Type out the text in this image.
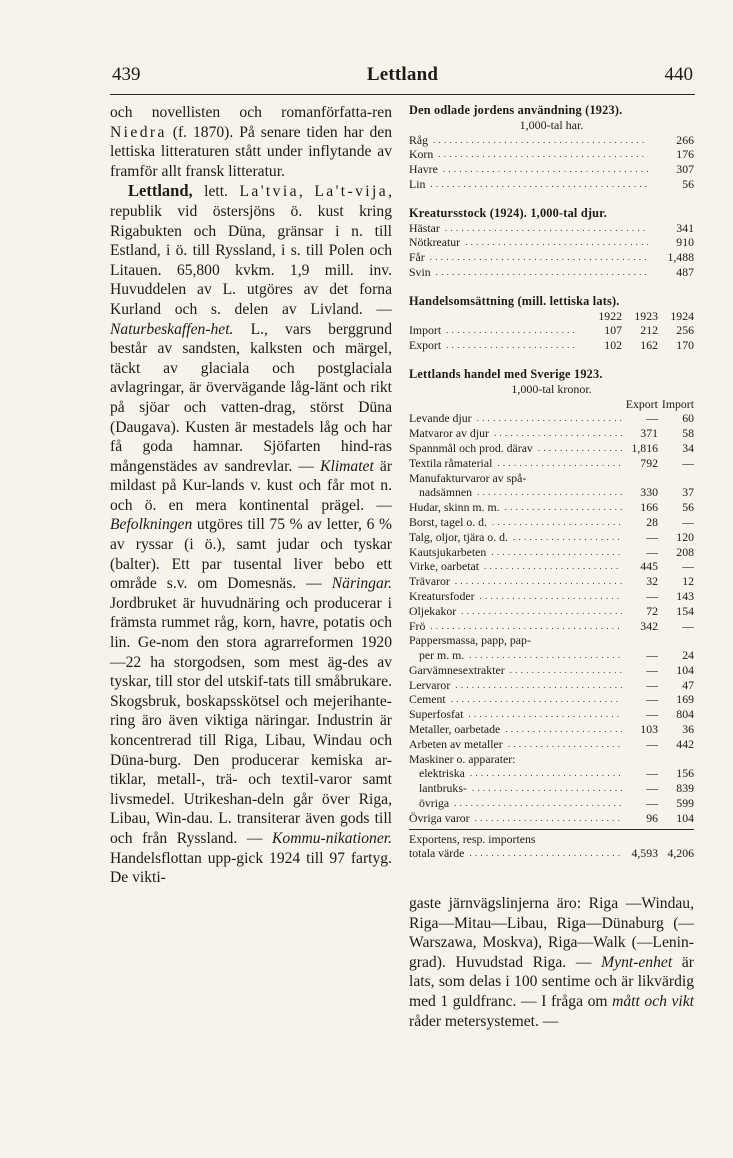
439	Lettland	440

och novellisten och romanförfatta-ren Niedra (f. 1870). På senare tiden har den lettiska litteraturen stått under inflytande av framför allt fransk litteratur.

Lettland, lett. La'tvia, La't-vija, republik vid östersjöns ö. kust kring Rigabukten och Düna, gränsar i n. till Estland, i ö. till Ryssland, i s. till Polen och Litauen. 65,800 kvkm. 1,9 mill. inv. Huvuddelen av L. utgöres av det forna Kurland och s. delen av Livland. — Naturbeskaffen-het. L., vars berggrund består av sandsten, kalksten och märgel, täckt av glaciala och postglaciala avlagringar, är övervägande låg-länt och rikt på sjöar och vatten-drag, störst Düna (Daugava). Kusten är mestadels låg och har få goda hamnar. Sjöfarten hind-ras mångenstädes av sandrevlar. — Klimatet är mildast på Kur-lands v. kust och får mot n. och ö. en mera kontinental prägel. — Befolkningen utgöres till 75 % av letter, 6 % av ryssar (i ö.), samt judar och tyskar (balter). Ett par tusental liver bebo ett område s.v. om Domesnäs. — Näringar. Jordbruket är huvudnäring och producerar i främsta rummet råg, korn, havre, potatis och lin. Ge-nom den stora agrarreformen 1920 —22 ha storgodsen, som mest äg-des av tyskar, till stor del utskif-tats till småbrukare. Skogsbruk, boskapsskötsel och mejerihante-ring äro även viktiga näringar. Industrin är koncentrerad till Riga, Libau, Windau och Düna-burg. Den producerar kemiska ar-tiklar, metall-, trä- och textil-varor samt livsmedel. Utrikeshan-deln går över Riga, Libau, Win-dau. L. transiterar även gods till och från Ryssland. — Kommu-nikationer. Handelsflottan upp-gick 1924 till 97 fartyg. De vikti-

Den odlade jordens användning (1923).
1,000-tal har.
Råg . . .	266
Korn . . .	176
Havre . . .	307
Lin . . .	56
Kreatursstock (1924). 1,000-tal djur.
Hästar . . .	341
Nötkreatur . . .	910
Får . . .	1,488
Svin . . .	487
Handelsomsättning (mill. lettiska lats).
1922	1923	1924
Import . . .	107	212	256
Export . . .	102	162	170
Lettlands handel med Sverige 1923.
1,000-tal kronor.
Export Import
Levande djur . . .	—	60
Matvaror av djur . . .	371	58
Spannmål och prod. därav . . .	1,816	34
Textila råmaterial . . .	792	—
Manufakturvaror av spå-
nadsämnen . . .	330	37
Hudar, skinn m. m. . . .	166	56
Borst, tagel o. d. . . .	28	—
Talg, oljor, tjära o. d. . . .	—	120
Kautsjukarbeten . . .	—	208
Virke, oarbetat . . .	445	—
Trävaror . . .	32	12
Kreatursfoder . . .	—	143
Oljekakor . . .	72	154
Frö . . .	342	—
Pappersmassa, papp, pap-
per m. m. . . .	—	24
Garvämnesextrakter . . .	—	104
Lervaror . . .	—	47
Cement . . .	—	169
Superfosfat . . .	—	804
Metaller, oarbetade . . .	103	36
Arbeten av metaller . . .	—	442
Maskiner o. apparater:
elektriska . . .	—	156
lantbruks- . . .	—	839
övriga . . .	—	599
Övriga varor . . .	96	104
Exportens, resp. importens
totala värde . . .	4,593 4,206

gaste järnvägslinjerna äro: Riga —Windau, Riga—Mitau—Libau, Riga—Dünaburg (—Warszawa, Moskva), Riga—Walk (—Lenin-grad). Huvudstad Riga. — Mynt-enhet är lats, som delas i 100 sentime och är likvärdig med 1 guldfranc. — I fråga om mått och vikt råder metersystemet. —
